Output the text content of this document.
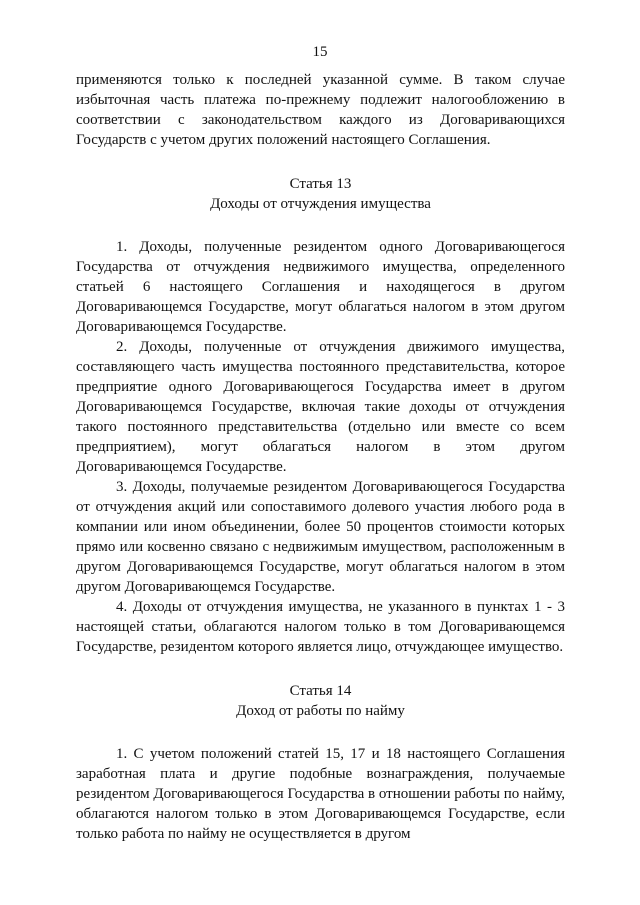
15

применяются только к последней указанной сумме. В таком случае избыточная часть платежа по-прежнему подлежит налогообложению в соответствии с законодательством каждого из Договаривающихся Государств с учетом других положений настоящего Соглашения.

Статья 13

Доходы от отчуждения имущества

1. Доходы, полученные резидентом одного Договаривающегося Государства от отчуждения недвижимого имущества, определенного статьей 6 настоящего Соглашения и находящегося в другом Договаривающемся Государстве, могут облагаться налогом в этом другом Договаривающемся Государстве.

2. Доходы, полученные от отчуждения движимого имущества, составляющего часть имущества постоянного представительства, которое предприятие одного Договаривающегося Государства имеет в другом Договаривающемся Государстве, включая такие доходы от отчуждения такого постоянного представительства (отдельно или вместе со всем предприятием), могут облагаться налогом в этом другом Договаривающемся Государстве.

3. Доходы, получаемые резидентом Договаривающегося Государства от отчуждения акций или сопоставимого долевого участия любого рода в компании или ином объединении, более 50 процентов стоимости которых прямо или косвенно связано с недвижимым имуществом, расположенным в другом Договаривающемся Государстве, могут облагаться налогом в этом другом Договаривающемся Государстве.

4. Доходы от отчуждения имущества, не указанного в пунктах 1 - 3 настоящей статьи, облагаются налогом только в том Договаривающемся Государстве, резидентом которого является лицо, отчуждающее имущество.

Статья 14

Доход от работы по найму

1. С учетом положений статей 15, 17 и 18 настоящего Соглашения заработная плата и другие подобные вознаграждения, получаемые резидентом Договаривающегося Государства в отношении работы по найму, облагаются налогом только в этом Договаривающемся Государстве, если только работа по найму не осуществляется в другом
